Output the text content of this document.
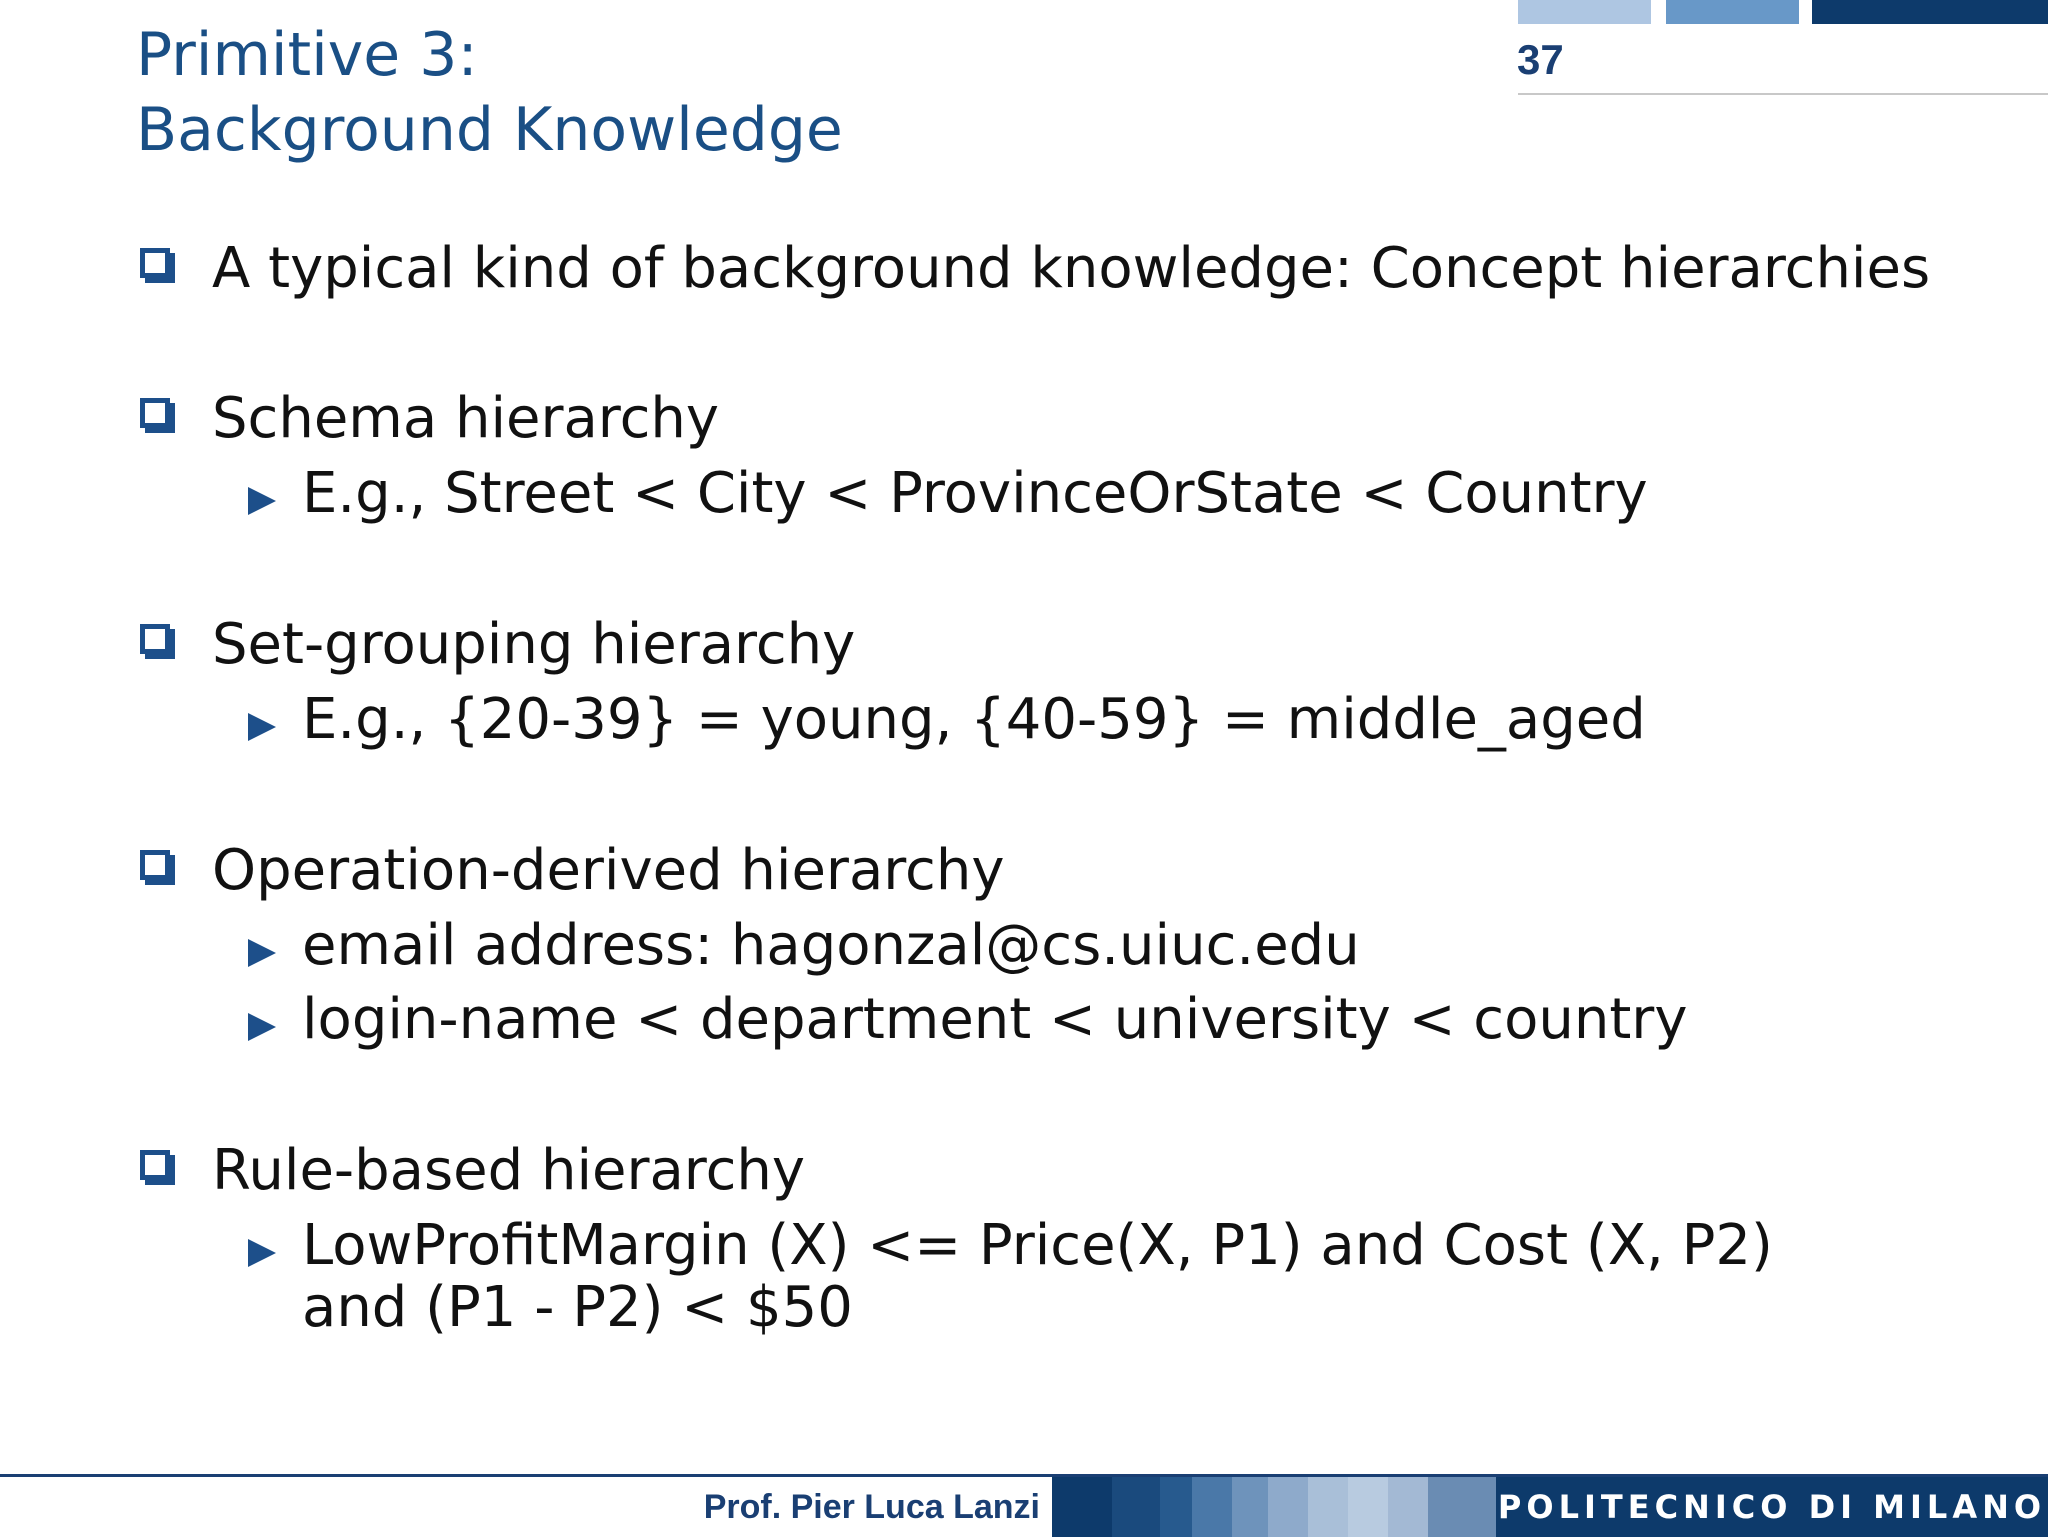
37
Primitive 3:
Background Knowledge
A typical kind of background knowledge: Concept hierarchies
Schema hierarchy
E.g., Street < City < ProvinceOrState < Country
Set-grouping hierarchy
E.g., {20-39} = young, {40-59} = middle_aged
Operation-derived hierarchy
email address: hagonzal@cs.uiuc.edu
login-name < department < university < country
Rule-based hierarchy
LowProfitMargin (X) <= Price(X, P1) and Cost (X, P2)
and (P1 - P2) < $50
Prof. Pier Luca Lanzi	POLITECNICO DI MILANO
